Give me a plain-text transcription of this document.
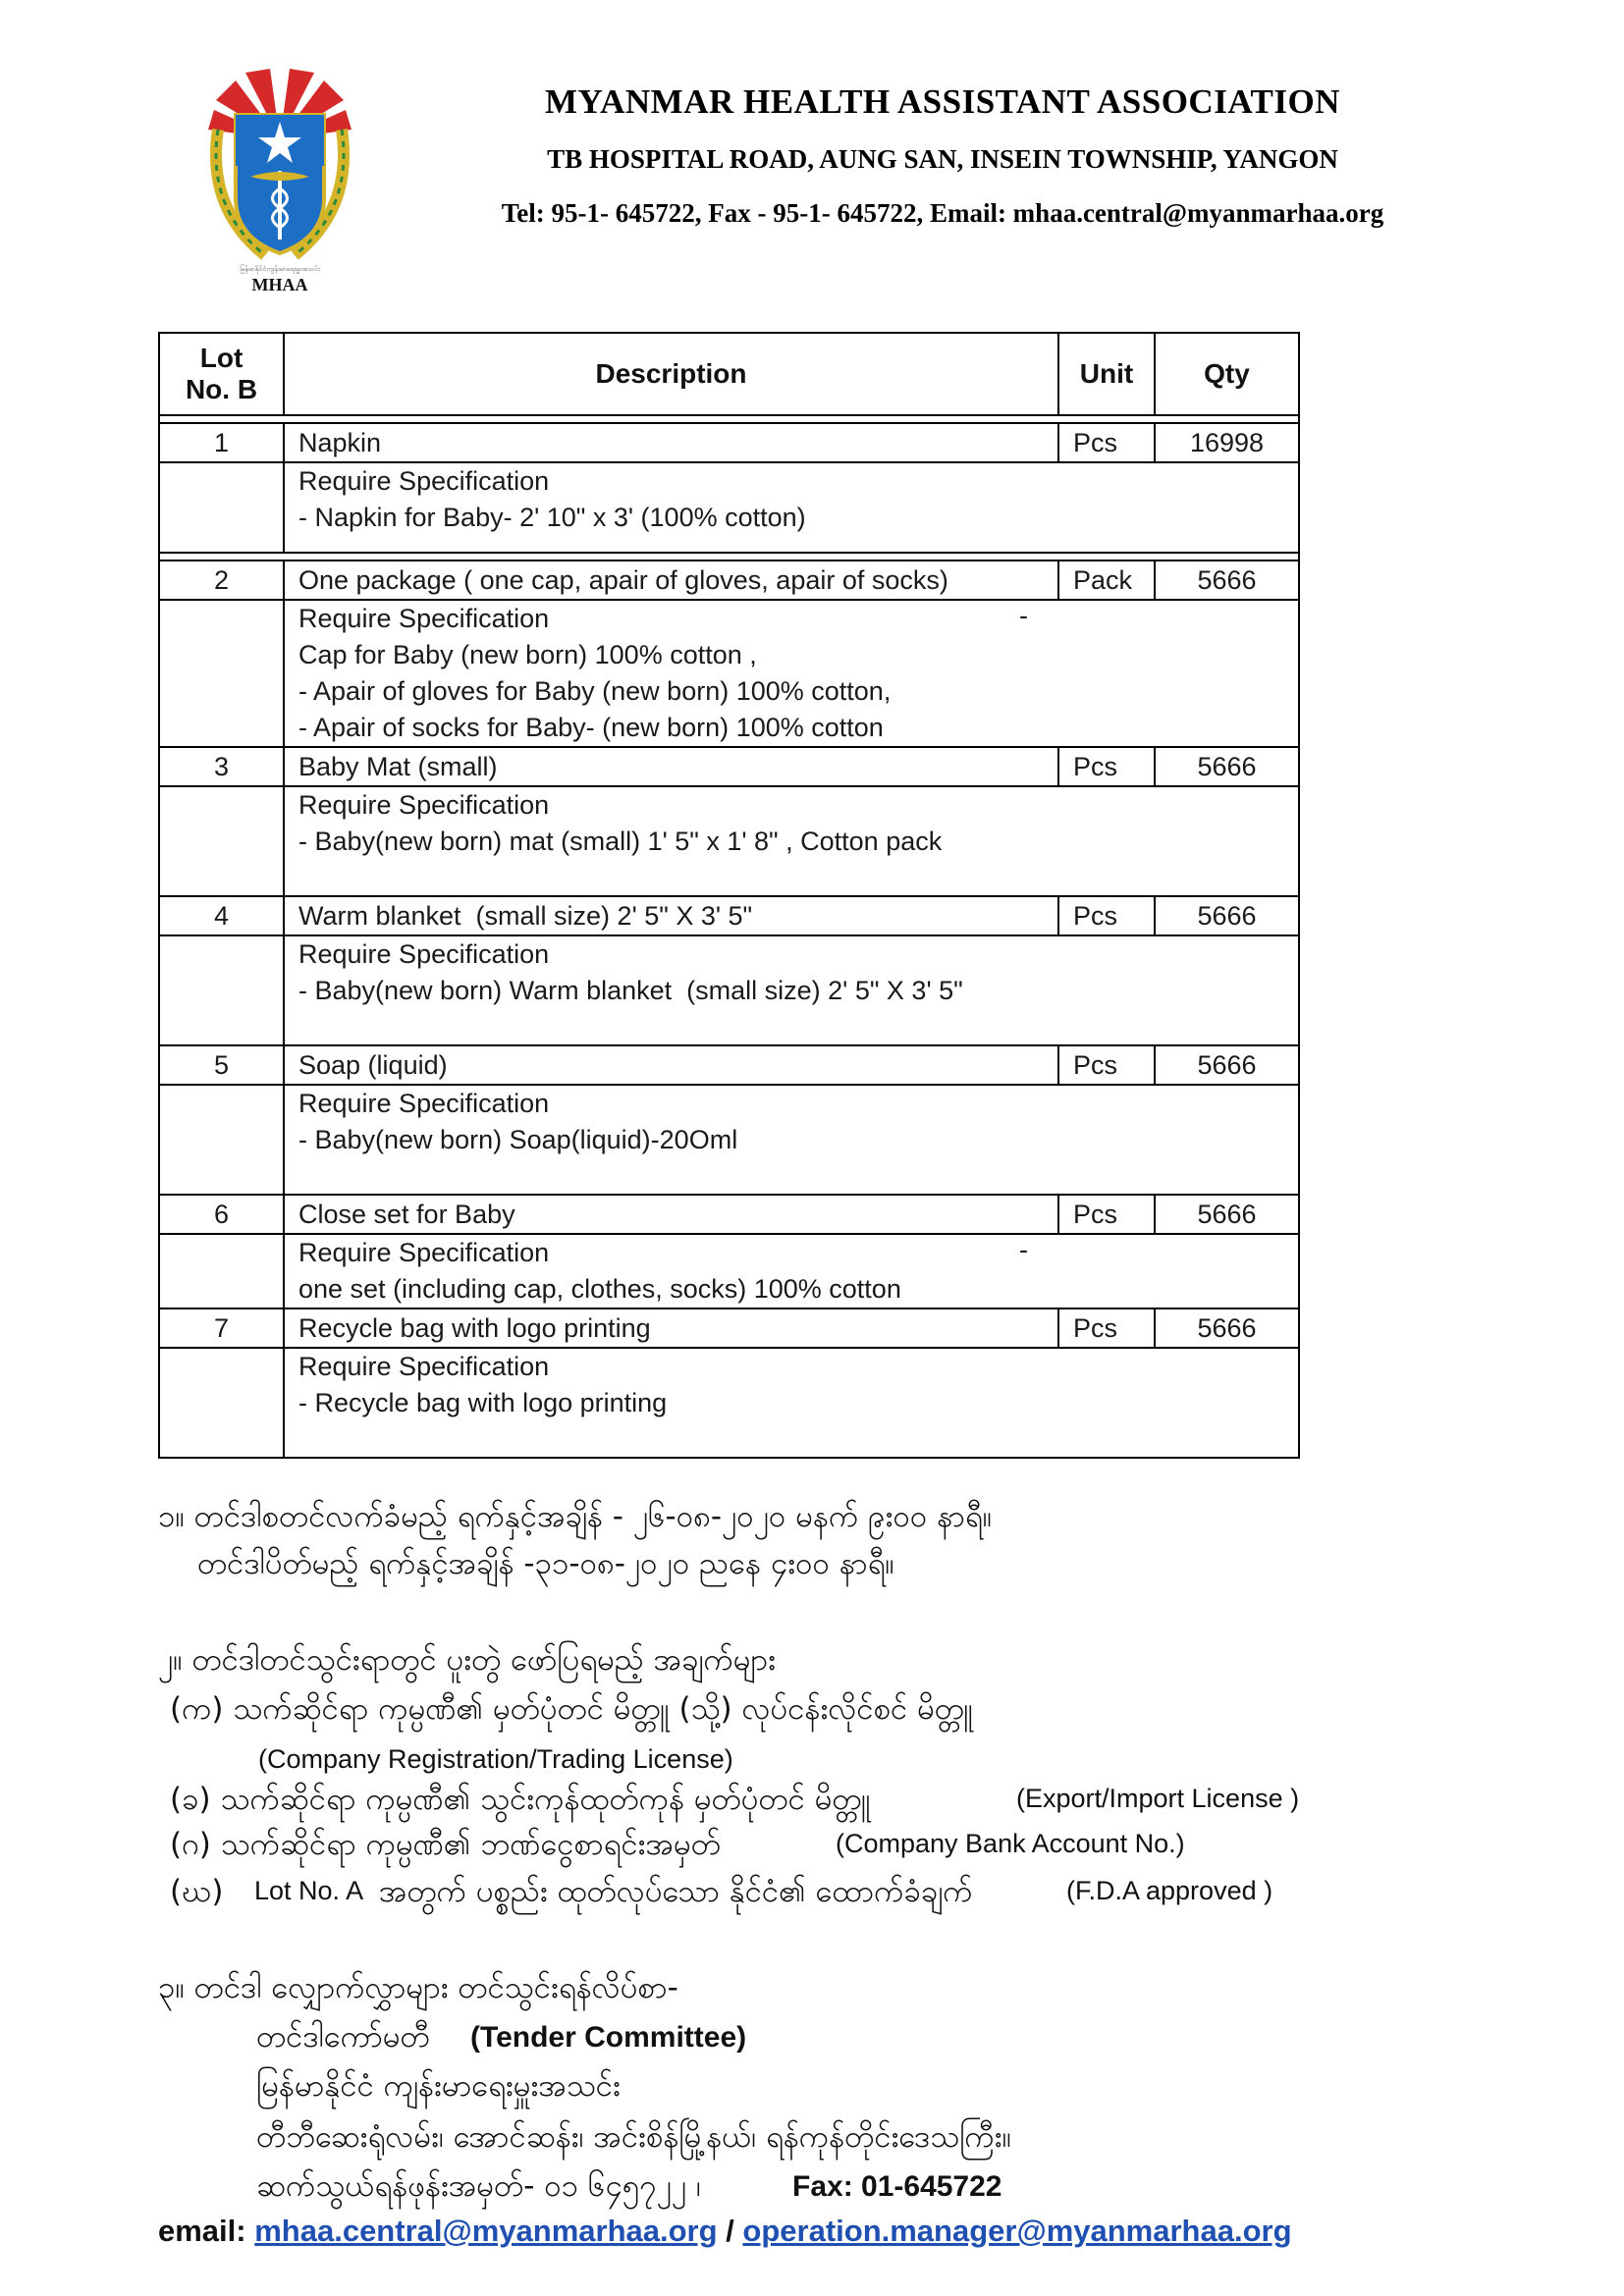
မြန်မာနိုင်ငံကျန်းမာရေးမှူးအသင်း
MHAA
MYANMAR HEALTH ASSISTANT ASSOCIATION
TB HOSPITAL ROAD, AUNG SAN, INSEIN TOWNSHIP, YANGON
Tel: 95-1- 645722, Fax - 95-1- 645722, Email: mhaa.central@myanmarhaa.org
Lot
No. B	Description	Unit	Qty

1	Napkin	Pcs	16998

	Require Specification
- Napkin for Baby- 2' 10" x 3' (100% cotton)		

2	One package ( one cap, apair of gloves, apair of socks)	Pack	5666

	Require Specification
Cap for Baby (new born) 100% cotton ,
- Apair of gloves for Baby (new born) 100% cotton,
- Apair of socks for Baby- (new born) 100% cotton
-		

3	Baby Mat (small)	Pcs	5666

	Require Specification
- Baby(new born) mat (small) 1' 5" x 1' 8" , Cotton pack		

4	Warm blanket  (small size) 2' 5" X 3' 5"	Pcs	5666

	Require Specification
- Baby(new born) Warm blanket  (small size) 2' 5" X 3' 5"		

5	Soap (liquid)	Pcs	5666

	Require Specification
- Baby(new born) Soap(liquid)-20Oml		

6	Close set for Baby	Pcs	5666

	Require Specification
one set (including cap, clothes, socks) 100% cotton
-		

7	Recycle bag with logo printing	Pcs	5666

	Require Specification
- Recycle bag with logo printing		
၁။ တင်ဒါစတင်လက်ခံမည့် ရက်နှင့်အချိန် - ၂၆-၀၈-၂၀၂၀ မနက် ၉းဝဝ နာရီ။
တင်ဒါပိတ်မည့် ရက်နှင့်အချိန် -၃၁-၀၈-၂၀၂၀ ညနေ ၄းဝဝ နာရီ။
၂။ တင်ဒါတင်သွင်းရာတွင် ပူးတွဲ ဖော်ပြရမည့် အချက်များ
(က) သက်ဆိုင်ရာ ကုမ္ပဏီ၏ မှတ်ပုံတင် မိတ္တူ (သို့) လုပ်ငန်းလိုင်စင် မိတ္တူ
(Company Registration/Trading License)
(ခ) သက်ဆိုင်ရာ ကုမ္ပဏီ၏ သွင်းကုန်ထုတ်ကုန် မှတ်ပုံတင် မိတ္တူ	(Export/Import License )
(ဂ) သက်ဆိုင်ရာ ကုမ္ပဏီ၏ ဘဏ်ငွေစာရင်းအမှတ်	(Company Bank Account No.)
(ဃ) Lot No. A အတွက် ပစ္စည်း ထုတ်လုပ်သော နိုင်ငံ၏ ထောက်ခံချက်	(F.D.A approved )
၃။ တင်ဒါ လျှောက်လွှာများ တင်သွင်းရန်လိပ်စာ-
တင်ဒါကော်မတီ (Tender Committee)
မြန်မာနိုင်ငံ ကျန်းမာရေးမှူးအသင်း
တီဘီဆေးရုံလမ်း၊ အောင်ဆန်း၊ အင်းစိန်မြို့နယ်၊ ရန်ကုန်တိုင်းဒေသကြီး။
ဆက်သွယ်ရန်ဖုန်းအမှတ်- ၀၁ ၆၄၅၇၂၂ ၊	Fax: 01-645722
email: mhaa.central@myanmarhaa.org / operation.manager@myanmarhaa.org
